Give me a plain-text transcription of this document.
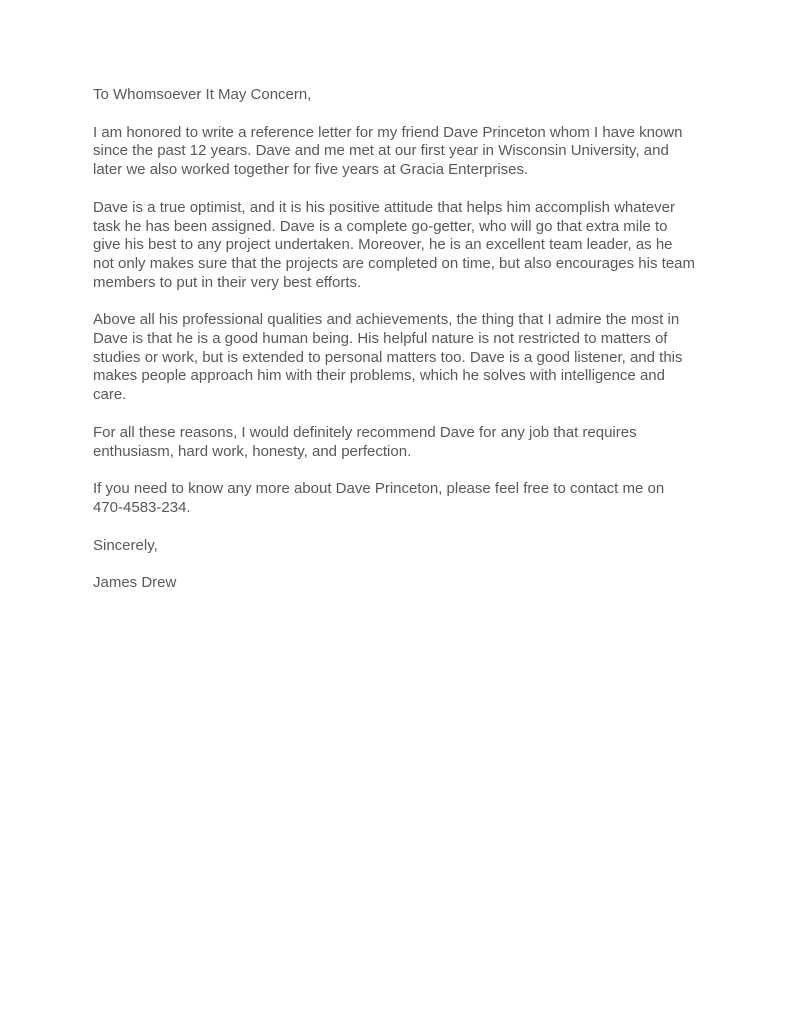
To Whomsoever It May Concern,

I am honored to write a reference letter for my friend Dave Princeton whom I have known since the past 12 years. Dave and me met at our first year in Wisconsin University, and later we also worked together for five years at Gracia Enterprises.

Dave is a true optimist, and it is his positive attitude that helps him accomplish whatever task he has been assigned. Dave is a complete go-getter, who will go that extra mile to give his best to any project undertaken. Moreover, he is an excellent team leader, as he not only makes sure that the projects are completed on time, but also encourages his team members to put in their very best efforts.

Above all his professional qualities and achievements, the thing that I admire the most in Dave is that he is a good human being. His helpful nature is not restricted to matters of studies or work, but is extended to personal matters too. Dave is a good listener, and this makes people approach him with their problems, which he solves with intelligence and care.

For all these reasons, I would definitely recommend Dave for any job that requires enthusiasm, hard work, honesty, and perfection.

If you need to know any more about Dave Princeton, please feel free to contact me on 470-4583-234.

Sincerely,

James Drew
